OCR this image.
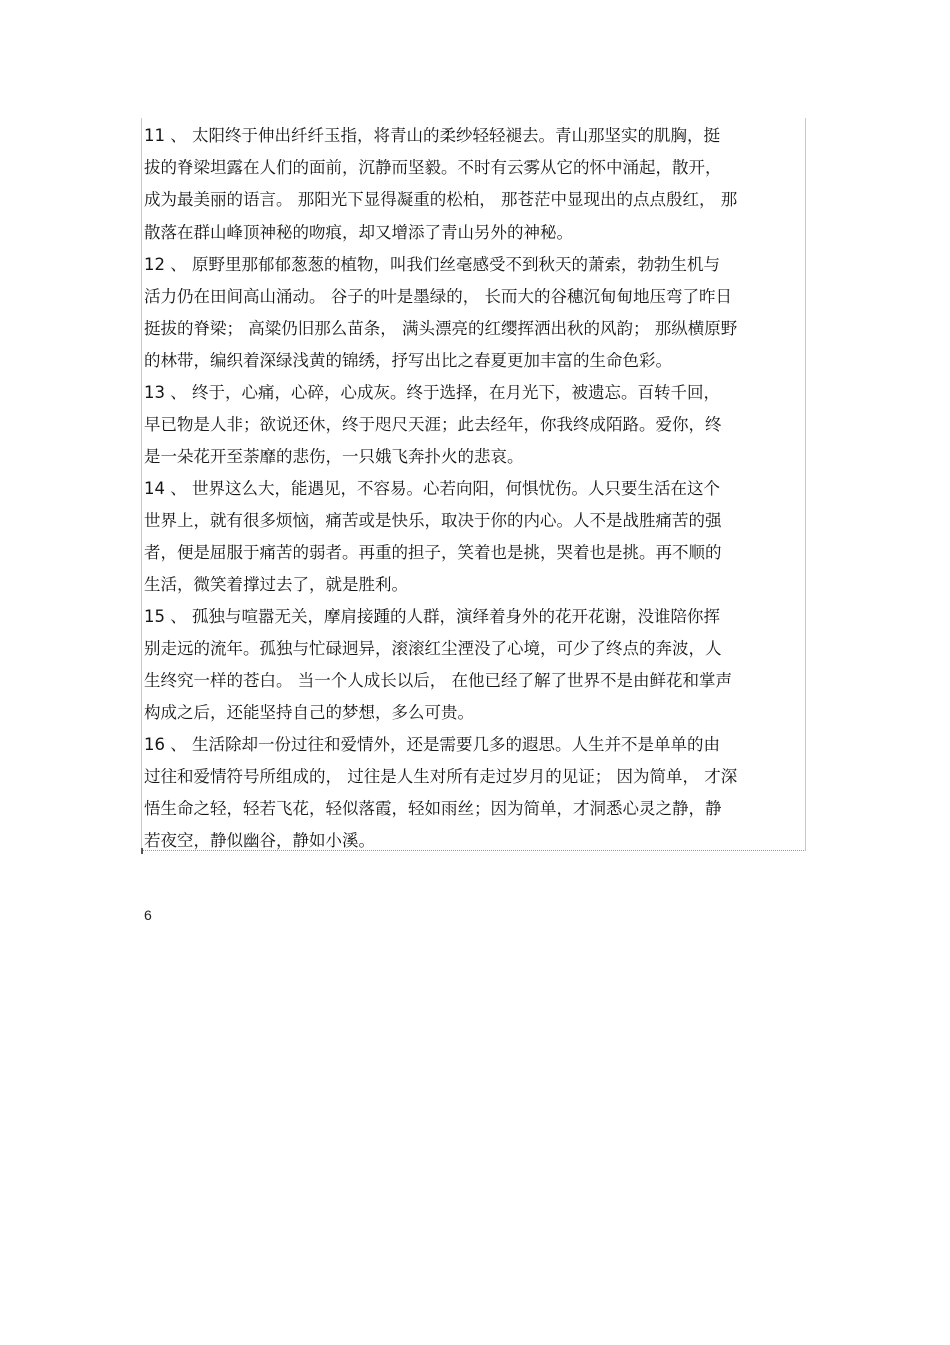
11 、 太阳终于伸出纤纤玉指，将青山的柔纱轻轻褪去。青山那坚实的肌胸，挺
拔的脊梁坦露在人们的面前，沉静而坚毅。不时有云雾从它的怀中涌起，散开，
成为最美丽的语言。 那阳光下显得凝重的松柏， 那苍茫中显现出的点点殷红， 那
散落在群山峰顶神秘的吻痕，却又增添了青山另外的神秘。
12 、 原野里那郁郁葱葱的植物，叫我们丝毫感受不到秋天的萧索，勃勃生机与
活力仍在田间高山涌动。 谷子的叶是墨绿的， 长而大的谷穗沉甸甸地压弯了昨日
挺拔的脊梁； 高粱仍旧那么苗条， 满头漂亮的红缨挥洒出秋的风韵； 那纵横原野
的林带，编织着深绿浅黄的锦绣，抒写出比之春夏更加丰富的生命色彩。
13 、 终于，心痛，心碎，心成灰。终于选择，在月光下，被遗忘。百转千回，
早已物是人非；欲说还休，终于咫尺天涯；此去经年，你我终成陌路。爱你，终
是一朵花开至荼靡的悲伤，一只娥飞奔扑火的悲哀。
14 、 世界这么大，能遇见，不容易。心若向阳，何惧忧伤。人只要生活在这个
世界上，就有很多烦恼，痛苦或是快乐，取决于你的内心。人不是战胜痛苦的强
者，便是屈服于痛苦的弱者。再重的担子，笑着也是挑，哭着也是挑。再不顺的
生活，微笑着撑过去了，就是胜利。
15 、 孤独与喧嚣无关，摩肩接踵的人群，演绎着身外的花开花谢，没谁陪你挥
别走远的流年。孤独与忙碌迥异，滚滚红尘湮没了心境，可少了终点的奔波，人
生终究一样的苍白。 当一个人成长以后， 在他已经了解了世界不是由鲜花和掌声
构成之后，还能坚持自己的梦想，多么可贵。
16 、 生活除却一份过往和爱情外，还是需要几多的遐思。人生并不是单单的由
过往和爱情符号所组成的， 过往是人生对所有走过岁月的见证； 因为简单， 才深
悟生命之轻，轻若飞花，轻似落霞，轻如雨丝；因为简单，才洞悉心灵之静，静
若夜空，静似幽谷，静如小溪。
6
